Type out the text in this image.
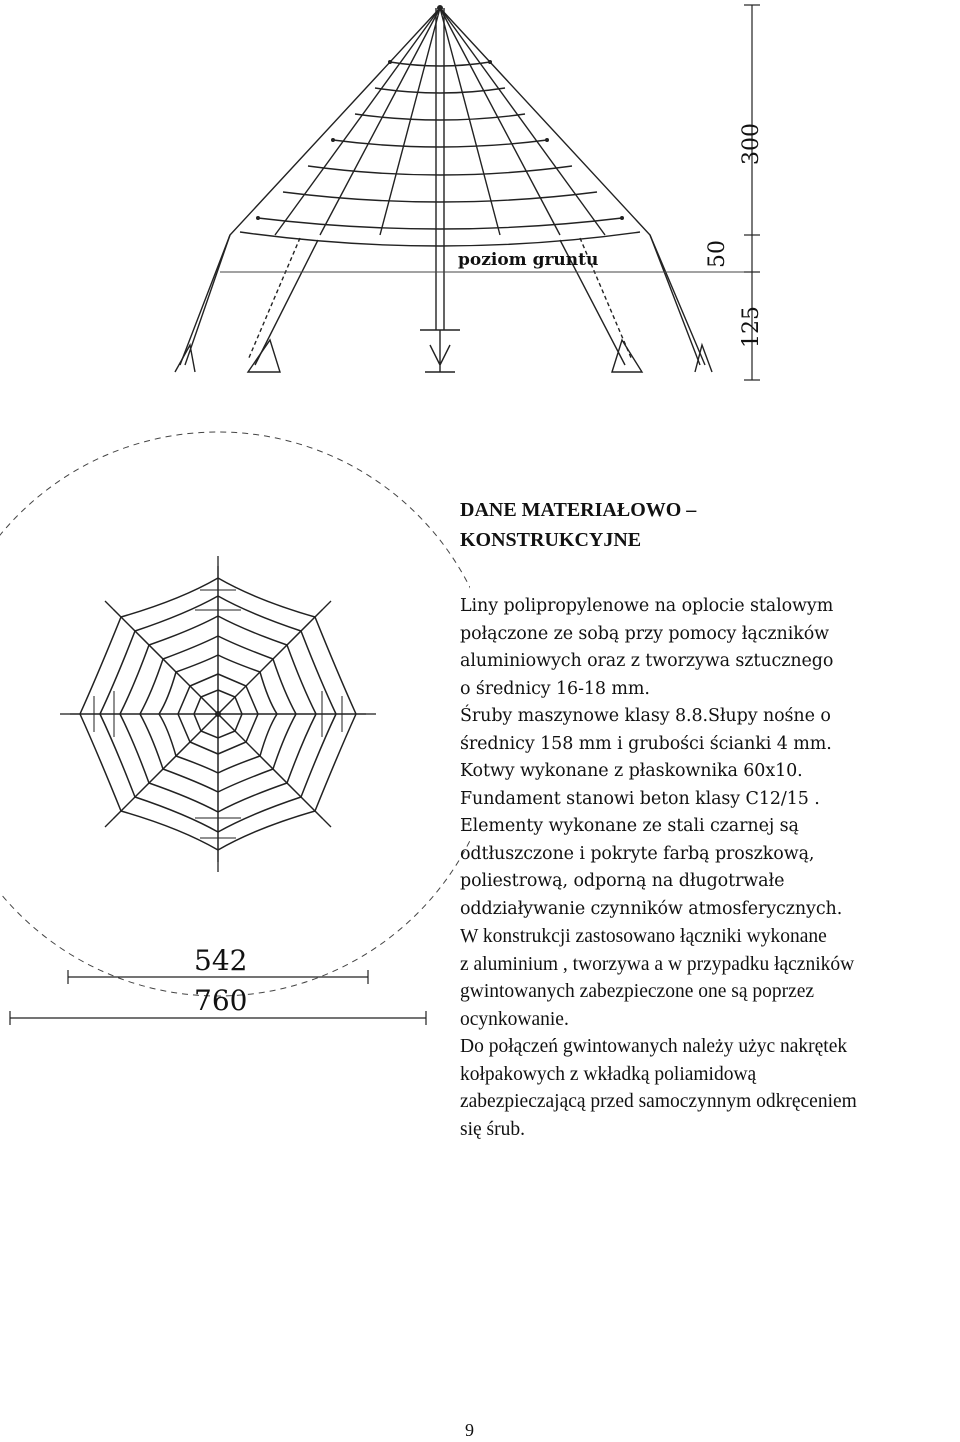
poziom gruntu
300
50
125
542
760
DANE MATERIAŁOWO –
KONSTRUKCYJNE

Liny polipropylenowe na oplocie stalowym
połączone ze sobą przy pomocy łączników
aluminiowych oraz z tworzywa sztucznego
o średnicy 16-18 mm.

Śruby maszynowe klasy 8.8.Słupy nośne o
średnicy 158 mm i grubości ścianki 4 mm.
Kotwy wykonane z płaskownika 60x10.
Fundament stanowi beton klasy C12/15 .

Elementy wykonane ze stali czarnej są
odtłuszczone i pokryte farbą proszkową,
poliestrową, odporną na długotrwałe
oddziaływanie czynników atmosferycznych.

W konstrukcji zastosowano łączniki wykonane
z aluminium , tworzywa a w przypadku łączników
gwintowanych zabezpieczone one są poprzez
ocynkowanie.

Do połączeń gwintowanych należy użyc nakrętek
kołpakowych z wkładką poliamidową
zabezpieczającą przed samoczynnym odkręceniem
się śrub.

9
